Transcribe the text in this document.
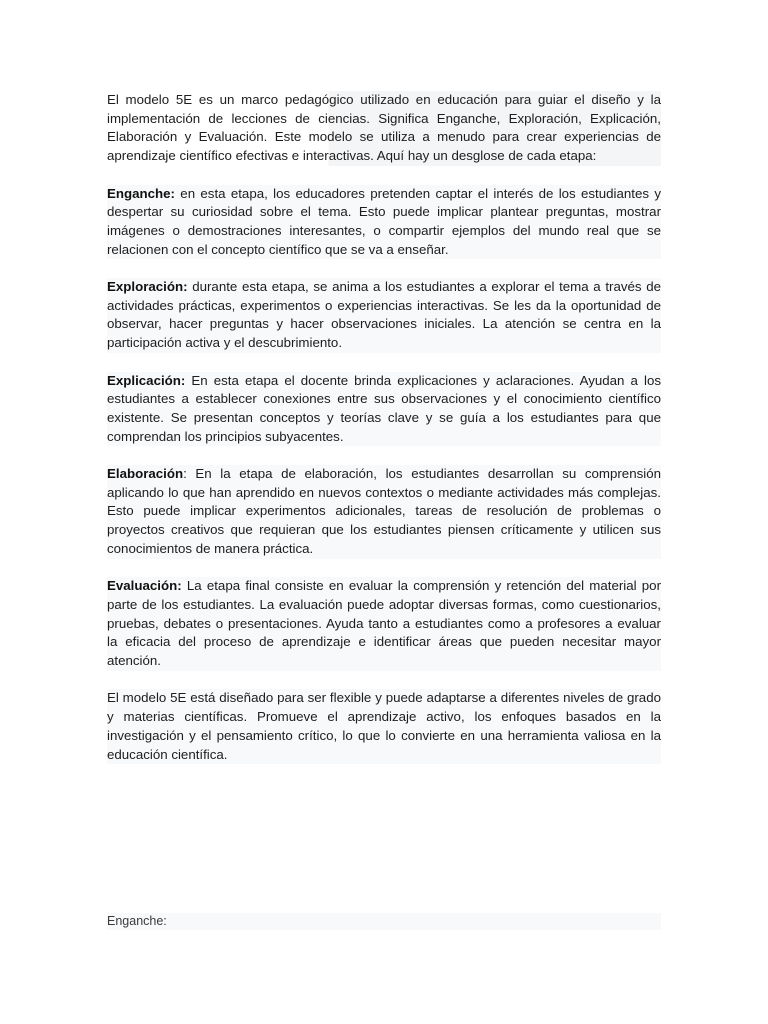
El modelo 5E es un marco pedagógico utilizado en educación para guiar el diseño y la implementación de lecciones de ciencias. Significa Enganche, Exploración, Explicación, Elaboración y Evaluación. Este modelo se utiliza a menudo para crear experiencias de aprendizaje científico efectivas e interactivas. Aquí hay un desglose de cada etapa:

Enganche: en esta etapa, los educadores pretenden captar el interés de los estudiantes y despertar su curiosidad sobre el tema. Esto puede implicar plantear preguntas, mostrar imágenes o demostraciones interesantes, o compartir ejemplos del mundo real que se relacionen con el concepto científico que se va a enseñar.

Exploración: durante esta etapa, se anima a los estudiantes a explorar el tema a través de actividades prácticas, experimentos o experiencias interactivas. Se les da la oportunidad de observar, hacer preguntas y hacer observaciones iniciales. La atención se centra en la participación activa y el descubrimiento.

Explicación: En esta etapa el docente brinda explicaciones y aclaraciones. Ayudan a los estudiantes a establecer conexiones entre sus observaciones y el conocimiento científico existente. Se presentan conceptos y teorías clave y se guía a los estudiantes para que comprendan los principios subyacentes.

Elaboración: En la etapa de elaboración, los estudiantes desarrollan su comprensión aplicando lo que han aprendido en nuevos contextos o mediante actividades más complejas. Esto puede implicar experimentos adicionales, tareas de resolución de problemas o proyectos creativos que requieran que los estudiantes piensen críticamente y utilicen sus conocimientos de manera práctica.

Evaluación: La etapa final consiste en evaluar la comprensión y retención del material por parte de los estudiantes. La evaluación puede adoptar diversas formas, como cuestionarios, pruebas, debates o presentaciones. Ayuda tanto a estudiantes como a profesores a evaluar la eficacia del proceso de aprendizaje e identificar áreas que pueden necesitar mayor atención.

El modelo 5E está diseñado para ser flexible y puede adaptarse a diferentes niveles de grado y materias científicas. Promueve el aprendizaje activo, los enfoques basados en la investigación y el pensamiento crítico, lo que lo convierte en una herramienta valiosa en la educación científica.

Enganche:
